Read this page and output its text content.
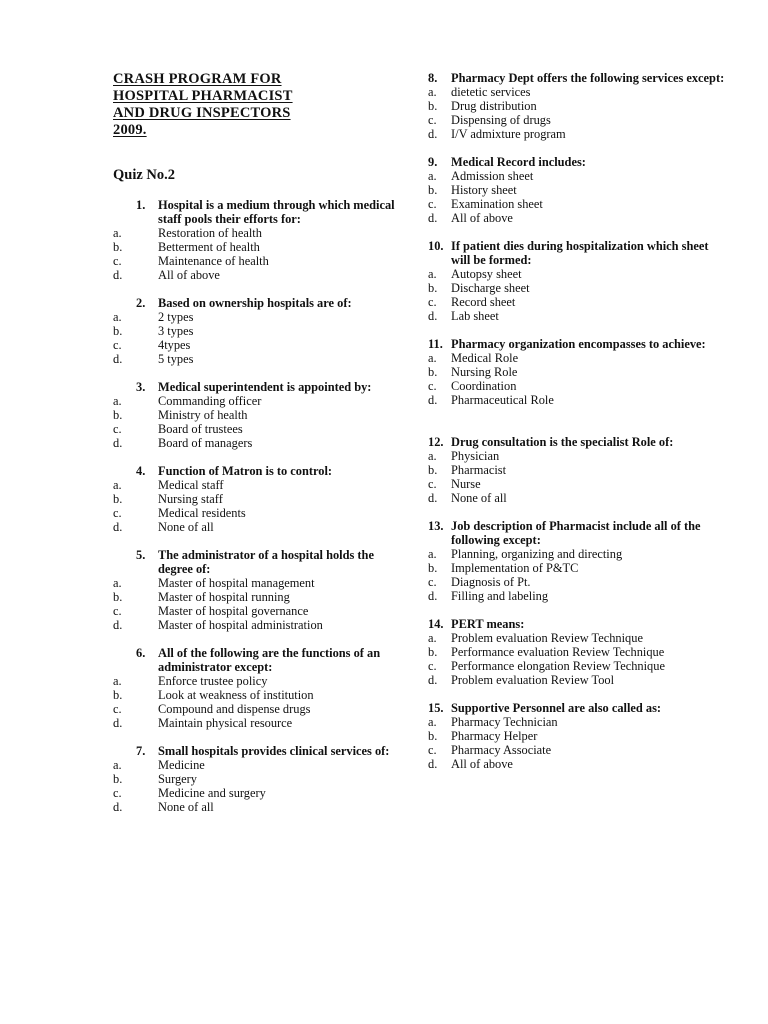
CRASH PROGRAM FOR
HOSPITAL PHARMACIST
AND DRUG INSPECTORS
2009.
Quiz No.2
1. Hospital is a medium through which medical staff pools their efforts for:
a.	Restoration of health
b.	Betterment of health
c.	Maintenance of health
d.	All of above
2. Based on ownership hospitals are of:
a.	2 types
b.	3 types
c.	4types
d.	5 types
3. Medical superintendent is appointed by:
a.	Commanding officer
b.	Ministry of health
c.	Board of trustees
d.	Board of managers
4. Function of Matron is to control:
a.	Medical staff
b.	Nursing staff
c.	Medical residents
d.	None of all
5. The administrator of a hospital holds the degree of:
a.	Master of hospital management
b.	Master of hospital running
c.	Master of hospital governance
d.	Master of hospital administration
6. All of the following are the functions of an administrator except:
a.	Enforce trustee policy
b.	Look at weakness of institution
c.	Compound and dispense drugs
d.	Maintain physical resource
7. Small hospitals provides clinical services of:
a.	Medicine
b.	Surgery
c.	Medicine and surgery
d.	None of all
8.	Pharmacy Dept offers the following services except:
a.	dietetic services
b.	Drug distribution
c.	Dispensing of drugs
d.	I/V admixture program
9.	Medical Record includes:
a.	Admission sheet
b.	History sheet
c.	Examination sheet
d.	All of above
10. If patient dies during hospitalization which sheet will be formed:
a.	Autopsy sheet
b.	Discharge sheet
c.	Record sheet
d.	Lab sheet
11. Pharmacy organization encompasses to achieve:
a.	Medical Role
b.	Nursing Role
c.	Coordination
d.	Pharmaceutical Role
12. Drug consultation is the specialist Role of:
a.	Physician
b.	Pharmacist
c.	Nurse
d.	None of all
13. Job description of Pharmacist include all of the following except:
a.	Planning, organizing and directing
b.	Implementation of P&TC
c.	Diagnosis of Pt.
d.	Filling and labeling
14. PERT means:
a.	Problem evaluation Review Technique
b.	Performance evaluation Review Technique
c.	Performance elongation Review Technique
d.	Problem evaluation Review Tool
15. Supportive Personnel are also called as:
a.	Pharmacy Technician
b.	Pharmacy Helper
c.	Pharmacy Associate
d.	All of above
